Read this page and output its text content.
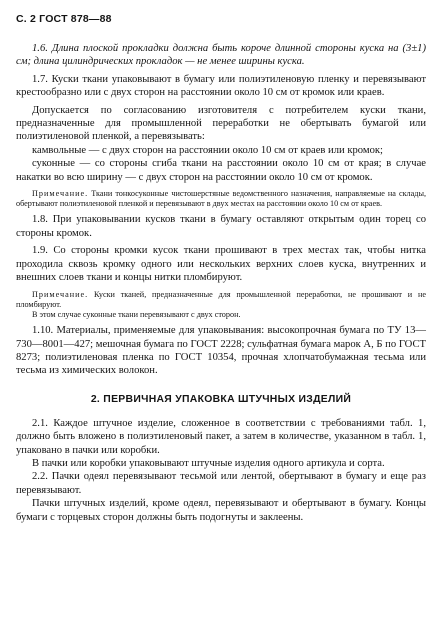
С. 2 ГОСТ 878—88

1.6. Длина плоской прокладки должна быть короче длинной стороны куска на (3±1) см; длина цилиндрических прокладок — не менее ширины куска.

1.7. Куски ткани упаковывают в бумагу или полиэтиленовую пленку и перевязывают крестообразно или с двух сторон на расстоянии около 10 см от кромок или краев.

Допускается по согласованию изготовителя с потребителем куски ткани, предназначенные для промышленной переработки не обертывать бумагой или полиэтиленовой пленкой, а перевязывать:

камвольные — с двух сторон на расстоянии около 10 см от краев или кромок;

суконные — со стороны сгиба ткани на расстоянии около 10 см от края; в случае накатки во всю ширину — с двух сторон на расстоянии около 10 см от кромок.

Примечание. Ткани тонкосуконные чистошерстяные ведомственного назначения, направляемые на склады, обертывают полиэтиленовой пленкой и перевязывают в двух местах на расстоянии около 10 см от краев.

1.8. При упаковывании кусков ткани в бумагу оставляют открытым один торец со стороны кромок.

1.9. Со стороны кромки кусок ткани прошивают в трех местах так, чтобы нитка проходила сквозь кромку одного или нескольких верхних слоев куска, внутренних и внешних слоев ткани и концы нитки пломбируют.

Примечание. Куски тканей, предназначенные для промышленной переработки, не прошивают и не пломбируют.

В этом случае суконные ткани перевязывают с двух сторон.

1.10. Материалы, применяемые для упаковывания: высокопрочная бумага по ТУ 13—730—8001—427; мешочная бумага по ГОСТ 2228; сульфатная бумага марок А, Б по ГОСТ 8273; полиэтиленовая пленка по ГОСТ 10354, прочная хлопчатобумажная тесьма или тесьма из химических волокон.

2. ПЕРВИЧНАЯ УПАКОВКА ШТУЧНЫХ ИЗДЕЛИЙ

2.1. Каждое штучное изделие, сложенное в соответствии с требованиями табл. 1, должно быть вложено в полиэтиленовый пакет, а затем в количестве, указанном в табл. 1, упаковано в пачки или коробки.

В пачки или коробки упаковывают штучные изделия одного артикула и сорта.

2.2. Пачки одеял перевязывают тесьмой или лентой, обертывают в бумагу и еще раз перевязывают.

Пачки штучных изделий, кроме одеял, перевязывают и обертывают в бумагу. Концы бумаги с торцевых сторон должны быть подогнуты и заклеены.
